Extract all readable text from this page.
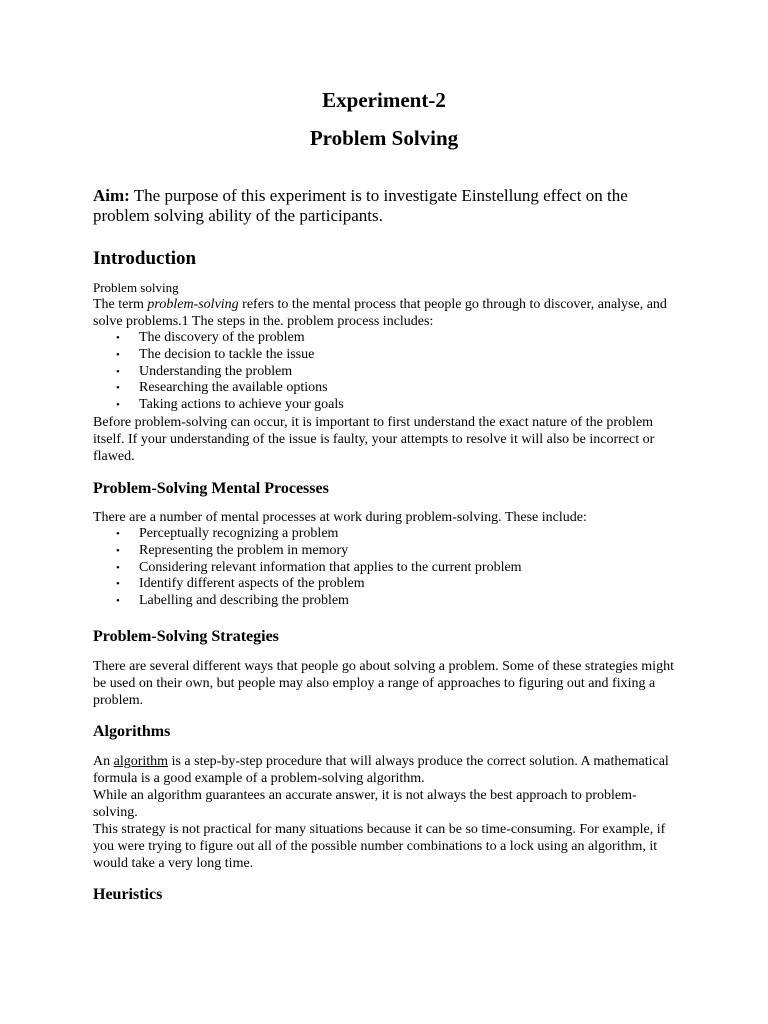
Experiment-2
Problem Solving
Aim: The purpose of this experiment is to investigate Einstellung effect on the problem solving ability of the participants.
Introduction

Problem solving

The term problem-solving refers to the mental process that people go through to discover, analyse, and solve problems.1 The steps in the. problem process includes:

• The discovery of the problem
• The decision to tackle the issue
• Understanding the problem
• Researching the available options
• Taking actions to achieve your goals

Before problem-solving can occur, it is important to first understand the exact nature of the problem itself. If your understanding of the issue is faulty, your attempts to resolve it will also be incorrect or flawed.

Problem-Solving Mental Processes

There are a number of mental processes at work during problem-solving. These include:

• Perceptually recognizing a problem
• Representing the problem in memory
• Considering relevant information that applies to the current problem
• Identify different aspects of the problem
• Labelling and describing the problem
Problem-Solving Strategies

There are several different ways that people go about solving a problem. Some of these strategies might be used on their own, but people may also employ a range of approaches to figuring out and fixing a problem.

Algorithms

An algorithm is a step-by-step procedure that will always produce the correct solution. A mathematical formula is a good example of a problem-solving algorithm.

While an algorithm guarantees an accurate answer, it is not always the best approach to problem-solving.

This strategy is not practical for many situations because it can be so time-consuming. For example, if you were trying to figure out all of the possible number combinations to a lock using an algorithm, it would take a very long time.

Heuristics
